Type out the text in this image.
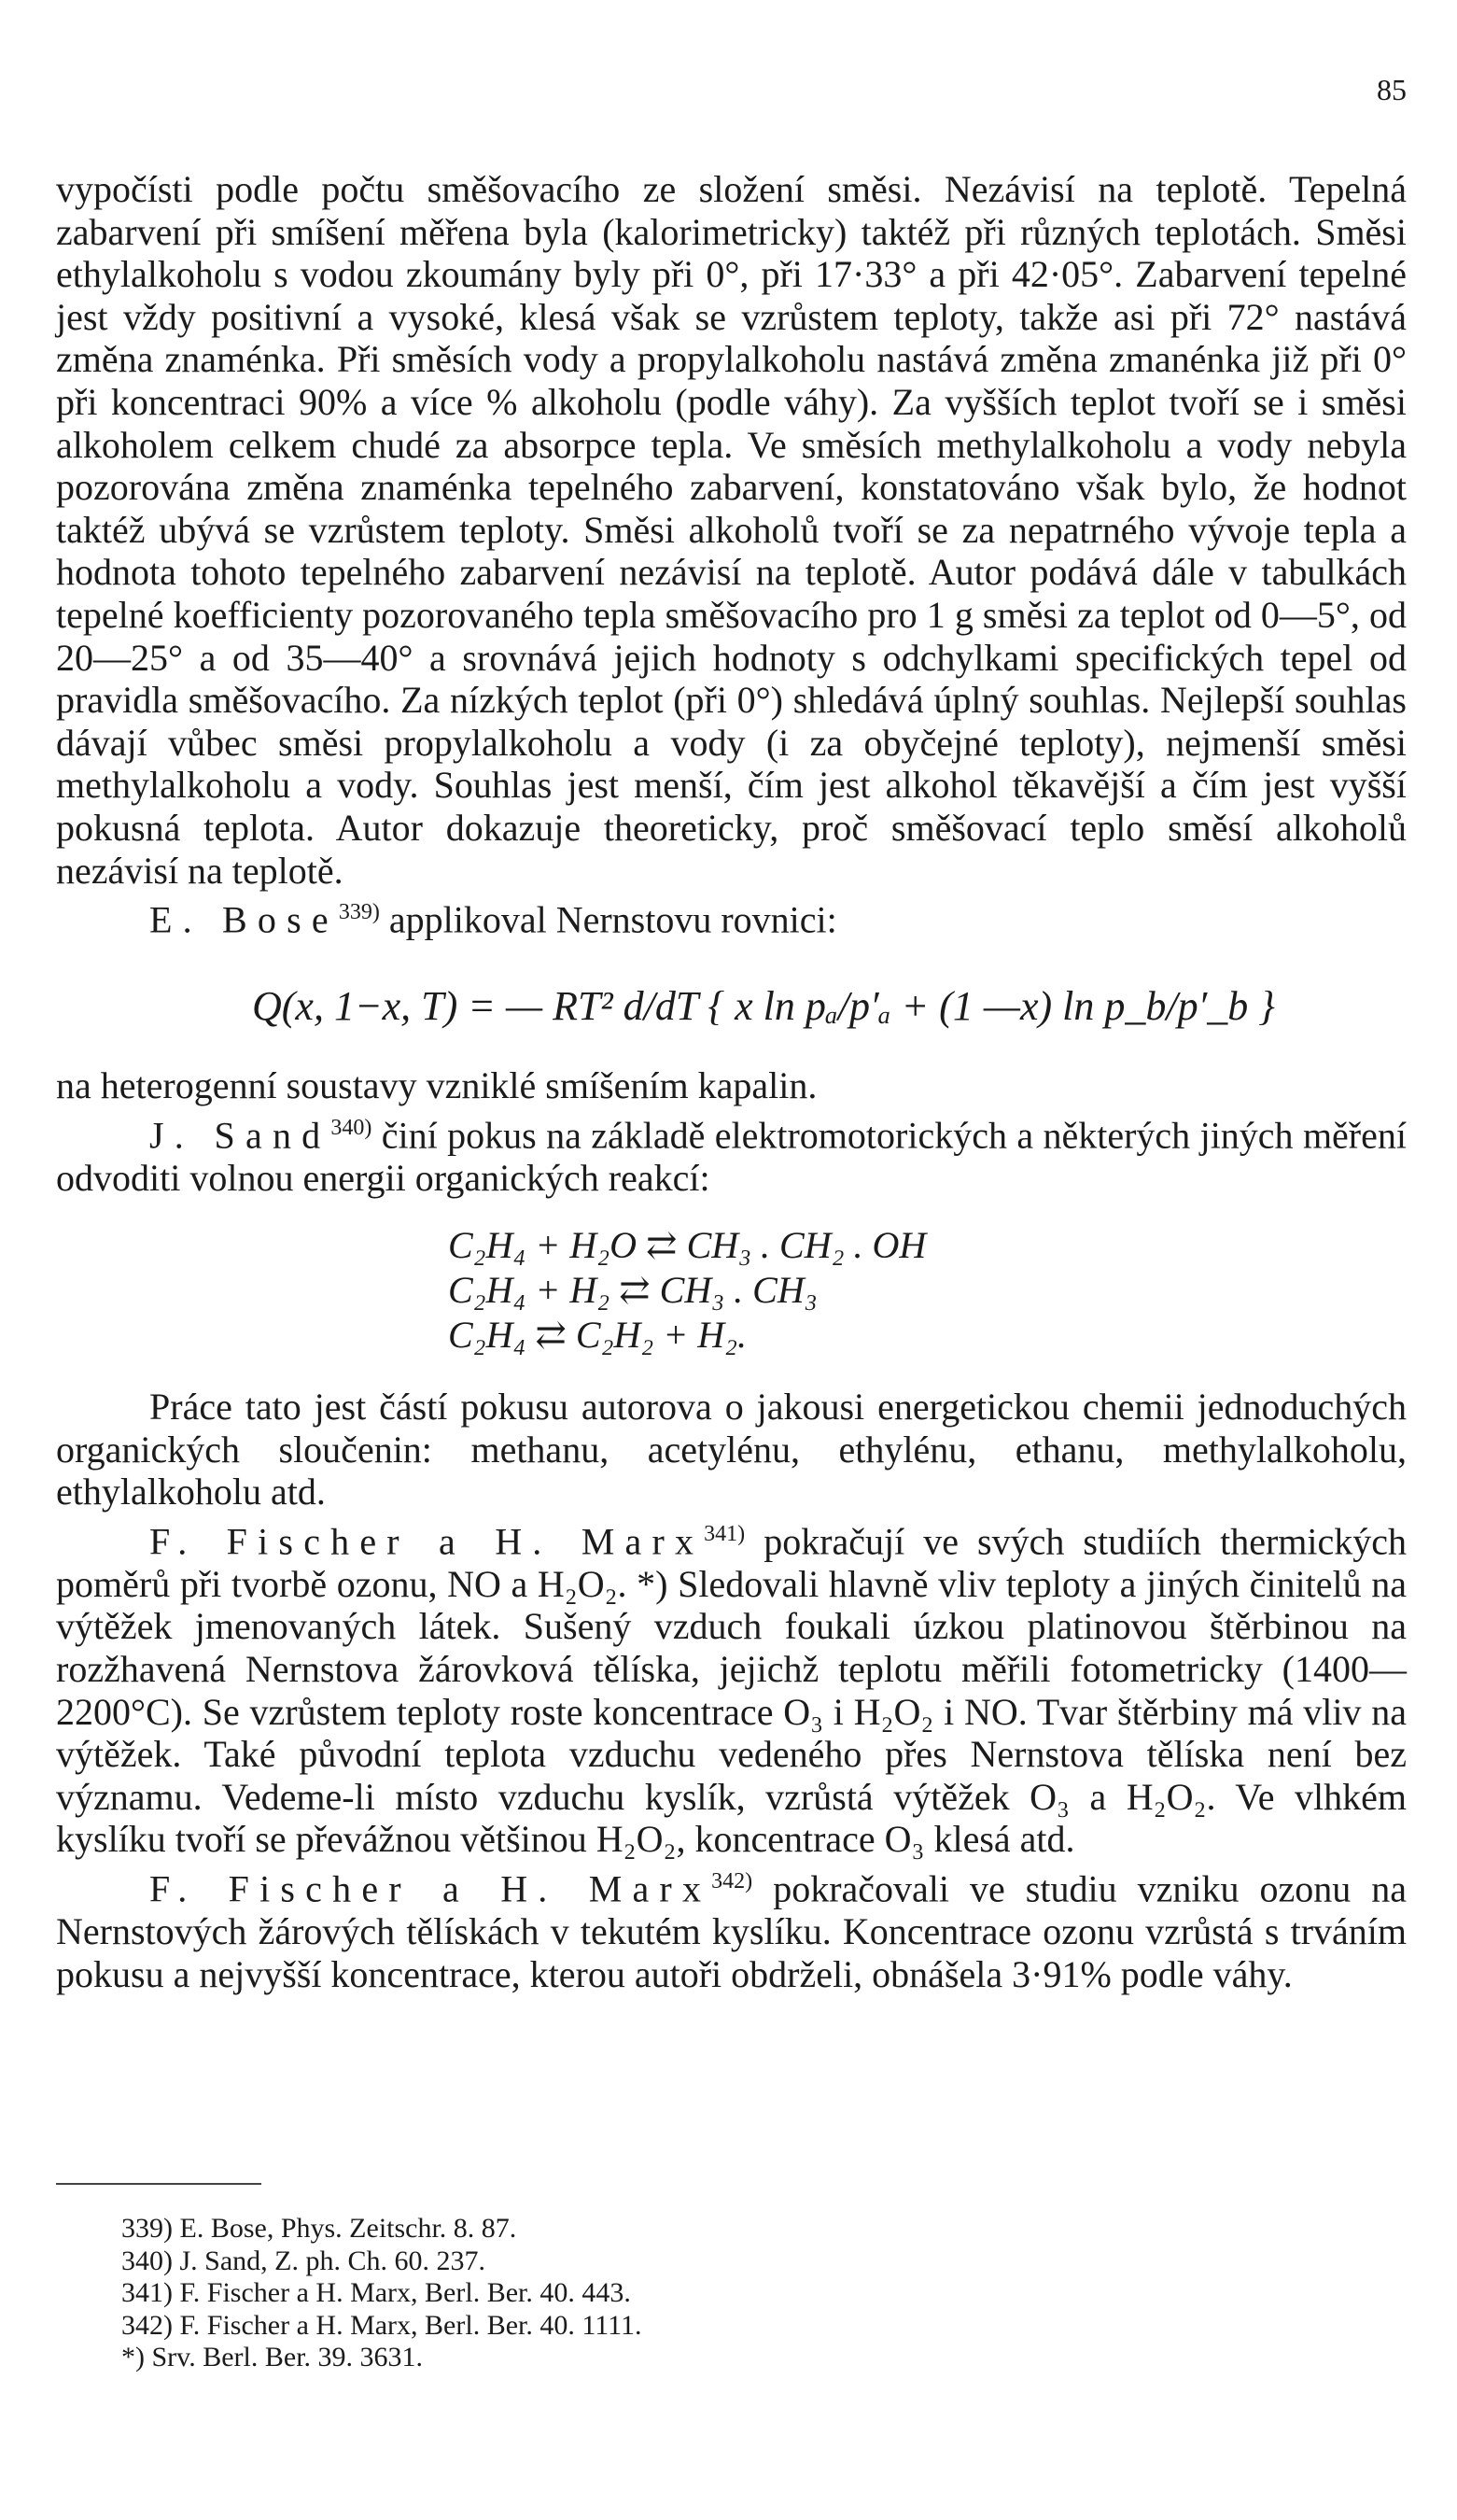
85

vypočísti podle počtu směšovacího ze složení směsi. Nezávisí na teplotě. Tepelná zabarvení při smíšení měřena byla (kalorimetricky) taktéž při různých teplotách. Směsi ethylalkoholu s vodou zkoumány byly při 0°, při 17·33° a při 42·05°. Zabarvení tepelné jest vždy positivní a vysoké, klesá však se vzrůstem teploty, takže asi při 72° nastává změna znaménka. Při směsích vody a propylalkoholu nastává změna zmanénka již při 0° při koncentraci 90% a více % alkoholu (podle váhy). Za vyšších teplot tvoří se i směsi alkoholem celkem chudé za absorpce tepla. Ve směsích methylalkoholu a vody nebyla pozorována změna znaménka tepelného zabarvení, konstatováno však bylo, že hodnot taktéž ubývá se vzrůstem teploty. Směsi alkoholů tvoří se za nepatrného vývoje tepla a hodnota tohoto tepelného zabarvení nezávisí na teplotě. Autor podává dále v tabulkách tepelné koefficienty pozorovaného tepla směšovacího pro 1 g směsi za teplot od 0—5°, od 20—25° a od 35—40° a srovnává jejich hodnoty s odchylkami specifických tepel od pravidla směšovacího. Za nízkých teplot (při 0°) shledává úplný souhlas. Nejlepší souhlas dávají vůbec směsi propylalkoholu a vody (i za obyčejné teploty), nejmenší směsi methylalkoholu a vody. Souhlas jest menší, čím jest alkohol těkavější a čím jest vyšší pokusná teplota. Autor dokazuje theoreticky, proč směšovací teplo směsí alkoholů nezávisí na teplotě.

E. Bose$^{339)}$ applikoval Nernstovu rovnici:

Q(x, 1−x, T) = — RT² d/dT { x ln pₐ/p′ₐ + (1 —x) ln p_b/p′_b }

na heterogenní soustavy vzniklé smíšením kapalin.

J. Sand$^{340)}$ činí pokus na základě elektromotorických a některých jiných měření odvoditi volnou energii organických reakcí:

C₂H₄ + H₂O ⇄ CH₃ . CH₂ . OH
C₂H₄ + H₂ ⇄ CH₃ . CH₃
C₂H₄ ⇄ C₂H₂ + H₂.

Práce tato jest částí pokusu autorova o jakousi energetickou chemii jednoduchých organických sloučenin: methanu, acetylénu, ethylénu, ethanu, methylalkoholu, ethylalkoholu atd.

F. Fischer a H. Marx$^{341)}$ pokračují ve svých studiích thermických poměrů při tvorbě ozonu, NO a H₂O₂. *) Sledovali hlavně vliv teploty a jiných činitelů na výtěžek jmenovaných látek. Sušený vzduch foukali úzkou platinovou štěrbinou na rozžhavená Nernstova žárovková tělíska, jejichž teplotu měřili fotometricky (1400—2200°C). Se vzrůstem teploty roste koncentrace O₃ i H₂O₂ i NO. Tvar štěrbiny má vliv na výtěžek. Také původní teplota vzduchu vedeného přes Nernstova tělíska není bez významu. Vedeme-li místo vzduchu kyslík, vzrůstá výtěžek O₃ a H₂O₂. Ve vlhkém kyslíku tvoří se převážnou většinou H₂O₂, koncentrace O₃ klesá atd.

F. Fischer a H. Marx$^{342)}$ pokračovali ve studiu vzniku ozonu na Nernstových žárových tělískách v tekutém kyslíku. Koncentrace ozonu vzrůstá s trváním pokusu a nejvyšší koncentrace, kterou autoři obdrželi, obnášela 3·91% podle váhy.

339) E. Bose, Phys. Zeitschr. 8. 87.
340) J. Sand, Z. ph. Ch. 60. 237.
341) F. Fischer a H. Marx, Berl. Ber. 40. 443.
342) F. Fischer a H. Marx, Berl. Ber. 40. 1111.
*) Srv. Berl. Ber. 39. 3631.
